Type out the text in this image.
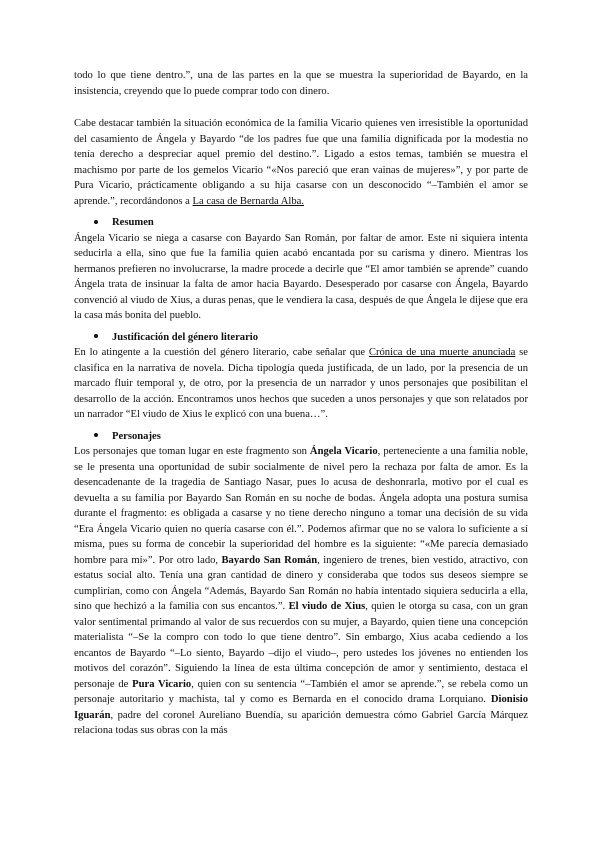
todo lo que tiene dentro.”, una de las partes en la que se muestra la superioridad de Bayardo, en la insistencia, creyendo que lo puede comprar todo con dinero.

Cabe destacar también la situación económica de la familia Vicario quienes ven irresistible la oportunidad del casamiento de Ángela y Bayardo “de los padres fue que una familia dignificada por la modestia no tenía derecho a despreciar aquel premio del destino.”. Ligado a estos temas, también se muestra el machismo por parte de los gemelos Vicario “«Nos pareció que eran vainas de mujeres»”, y por parte de Pura Vicario, prácticamente obligando a su hija casarse con un desconocido “–También el amor se aprende.”, recordándonos a La casa de Bernarda Alba.

Resumen

Ángela Vicario se niega a casarse con Bayardo San Román, por faltar de amor. Este ni siquiera intenta seducirla a ella, sino que fue la familia quien acabó encantada por su carisma y dinero. Mientras los hermanos prefieren no involucrarse, la madre procede a decirle que “El amor también se aprende” cuando Ángela trata de insinuar la falta de amor hacia Bayardo. Desesperado por casarse con Ángela, Bayardo convenció al viudo de Xius, a duras penas, que le vendiera la casa, después de que Ángela le dijese que era la casa más bonita del pueblo.

Justificación del género literario

En lo atingente a la cuestión del género literario, cabe señalar que Crónica de una muerte anunciada se clasifica en la narrativa de novela. Dicha tipología queda justificada, de un lado, por la presencia de un marcado fluir temporal y, de otro, por la presencia de un narrador y unos personajes que posibilitan el desarrollo de la acción. Encontramos unos hechos que suceden a unos personajes y que son relatados por un narrador “El viudo de Xius le explicó con una buena…”.

Personajes

Los personajes que toman lugar en este fragmento son Ángela Vicario, perteneciente a una familia noble, se le presenta una oportunidad de subir socialmente de nivel pero la rechaza por falta de amor. Es la desencadenante de la tragedia de Santiago Nasar, pues lo acusa de deshonrarla, motivo por el cual es devuelta a su familia por Bayardo San Román en su noche de bodas. Ángela adopta una postura sumisa durante el fragmento: es obligada a casarse y no tiene derecho ninguno a tomar una decisión de su vida “Era Ángela Vicario quien no quería casarse con él.”. Podemos afirmar que no se valora lo suficiente a sí misma, pues su forma de concebir la superioridad del hombre es la siguiente: “«Me parecía demasiado hombre para mí»”. Por otro lado, Bayardo San Román, ingeniero de trenes, bien vestido, atractivo, con estatus social alto. Tenía una gran cantidad de dinero y consideraba que todos sus deseos siempre se cumplirían, como con Ángela “Además, Bayardo San Román no había intentado siquiera seducirla a ella, sino que hechizó a la familia con sus encantos.”. El viudo de Xius, quien le otorga su casa, con un gran valor sentimental primando al valor de sus recuerdos con su mujer, a Bayardo, quien tiene una concepción materialista “–Se la compro con todo lo que tiene dentro”. Sin embargo, Xius acaba cediendo a los encantos de Bayardo “–Lo siento, Bayardo –dijo el viudo–, pero ustedes los jóvenes no entienden los motivos del corazón”. Siguiendo la línea de esta última concepción de amor y sentimiento, destaca el personaje de Pura Vicario, quien con su sentencia “–También el amor se aprende.”, se rebela como un personaje autoritario y machista, tal y como es Bernarda en el conocido drama Lorquiano. Dionisio Iguarán, padre del coronel Aureliano Buendía, su aparición demuestra cómo Gabriel García Márquez relaciona todas sus obras con la más
